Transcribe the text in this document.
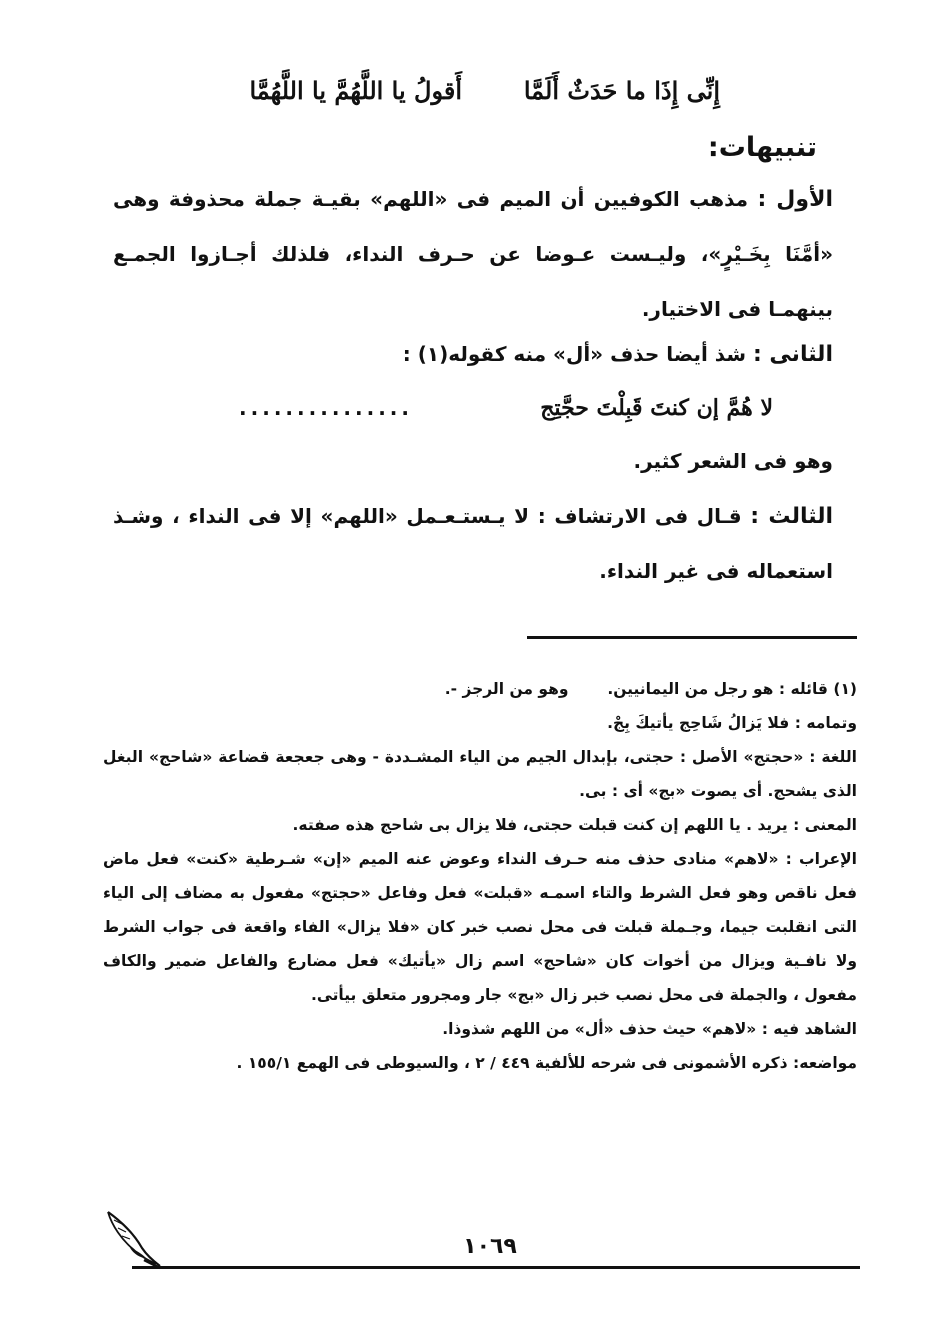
إِنِّى إِذَا ما حَدَثٌ أَلَمَّا
أَقولُ يا اللَّهُمَّ يا اللَّهُمَّا
تنبيهات:
الأول : مذهب الكوفيين أن الميم فى «اللهم» بقيـة جملة محذوفة وهى «أمَّنَا بِخَـيْرٍ»، وليـست عـوضا عن حـرف النداء، فلذلك أجـازوا الجمـع بينهمـا فى الاختيار.
الثانى : شذ أيضا حذف «أل» منه كقوله(١) :
لا هُمَّ إن كنتَ قَبِلْتَ حجَّتِج
...............
وهو فى الشعر كثير.
الثالث : قـال فى الارتشاف : لا يـستـعـمل «اللهم» إلا فى النداء ، وشـذ استعماله فى غير النداء.

(١) قائله : هو رجل من اليمانيين.  وهو من الرجز -.

وتمامه : فلا يَزالُ شَاحِج يأتيكَ بِجْ.

اللغة : «حجتج» الأصل : حجتى، بإبدال الجيم من الياء المشـددة - وهى جعجعة قضاعة «شاحج» البغل الذى يشحج. أى يصوت «بج» أى : بى.

المعنى : يريد . يا اللهم إن كنت قبلت حجتى، فلا يزال بى شاحج هذه صفته.

الإعراب : «لاهم» منادى حذف منه حـرف النداء وعوض عنه الميم «إن» شـرطية «كنت» فعل ماض فعل ناقص وهو فعل الشرط والتاء اسمـه «قبلت» فعل وفاعل «حجتج» مفعول به مضاف إلى الياء التى انقلبت جيما، وجـملة قبلت فى محل نصب خبر كان «فلا يزال» الفاء واقعة فى جواب الشرط ولا نافـية ويزال من أخوات كان «شاحج» اسم زال «يأتيك» فعل مضارع والفاعل ضمير والكاف مفعول ، والجملة فى محل نصب خبر زال «بج» جار ومجرور متعلق بيأتى.

الشاهد فيه : «لاهم» حيث حذف «أل» من اللهم شذوذا.

مواضعه: ذكره الأشمونى فى شرحه للألفية ٤٤٩ / ٢ ، والسيوطى فى الهمع ١٥٥/١ .

١٠٦٩
